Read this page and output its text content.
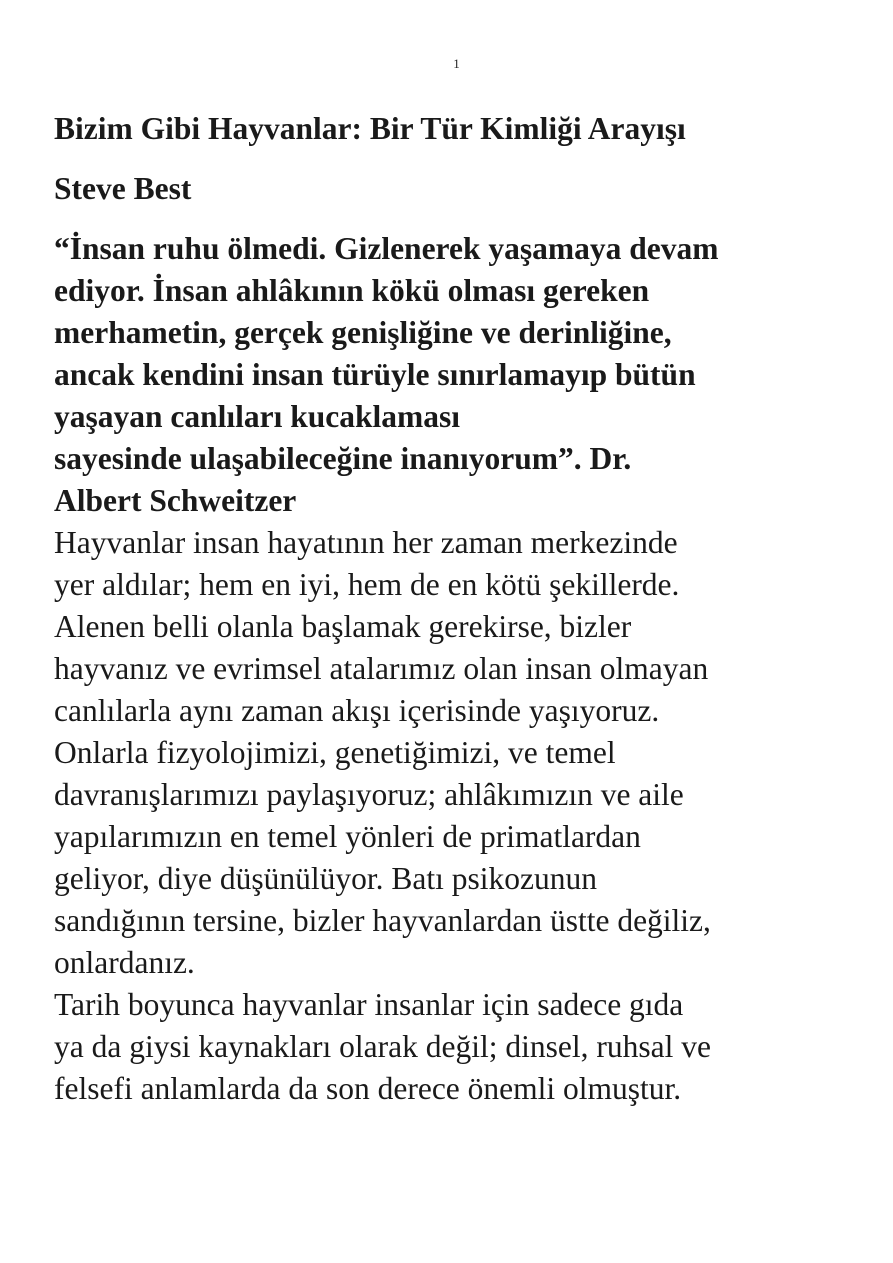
1
Bizim Gibi Hayvanlar: Bir Tür Kimliği Arayışı
Steve Best
“İnsan ruhu ölmedi. Gizlenerek yaşamaya devam
ediyor. İnsan ahlâkının kökü olması gereken
merhametin, gerçek genişliğine ve derinliğine,
ancak kendini insan türüyle sınırlamayıp bütün
yaşayan canlıları kucaklaması
sayesinde ulaşabileceğine inanıyorum”. Dr.
Albert Schweitzer
Hayvanlar insan hayatının her zaman merkezinde
yer aldılar; hem en iyi, hem de en kötü şekillerde.
Alenen belli olanla başlamak gerekirse, bizler
hayvanız ve evrimsel atalarımız olan insan olmayan
canlılarla aynı zaman akışı içerisinde yaşıyoruz.
Onlarla fizyolojimizi, genetiğimizi, ve temel
davranışlarımızı paylaşıyoruz; ahlâkımızın ve aile
yapılarımızın en temel yönleri de primatlardan
geliyor, diye düşünülüyor. Batı psikozunun
sandığının tersine, bizler hayvanlardan üstte değiliz,
onlardanız.
Tarih boyunca hayvanlar insanlar için sadece gıda
ya da giysi kaynakları olarak değil; dinsel, ruhsal ve
felsefi anlamlarda da son derece önemli olmuştur.
